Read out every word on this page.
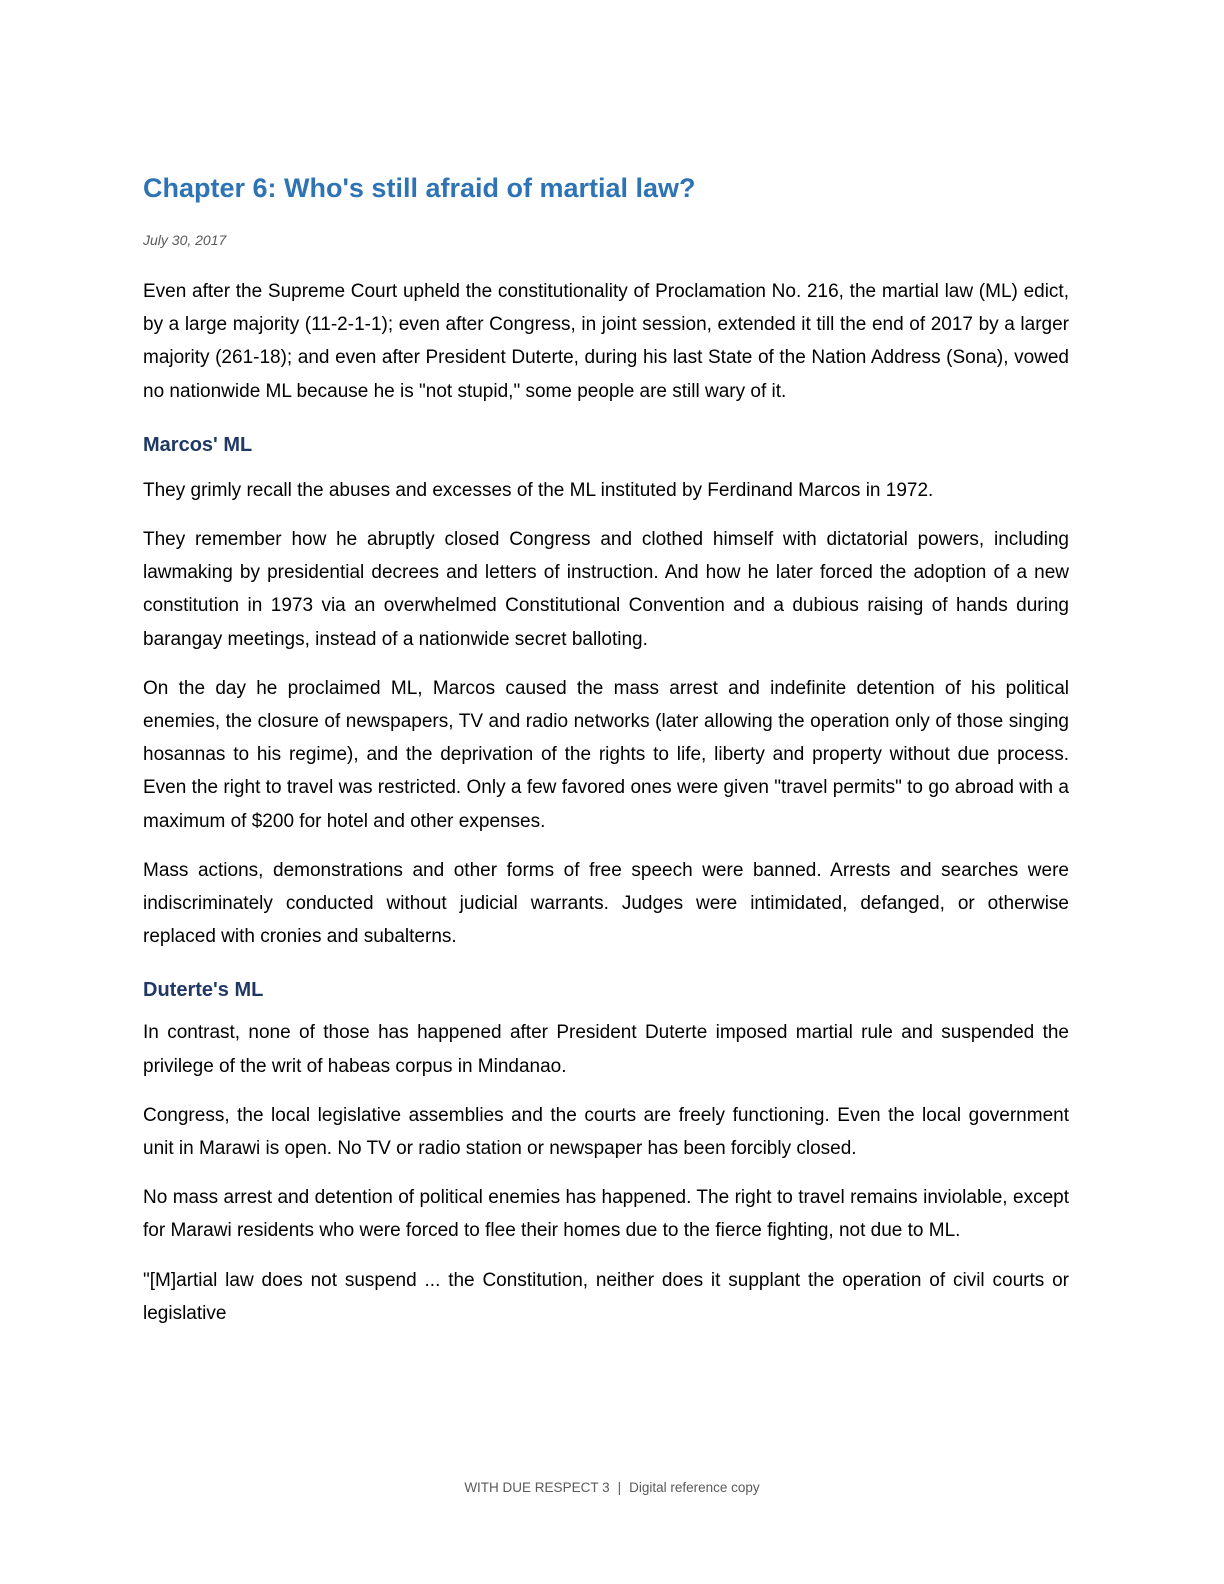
Chapter 6: Who's still afraid of martial law?
July 30, 2017

Even after the Supreme Court upheld the constitutionality of Proclamation No. 216, the martial law (ML) edict, by a large majority (11-2-1-1); even after Congress, in joint session, extended it till the end of 2017 by a larger majority (261-18); and even after President Duterte, during his last State of the Nation Address (Sona), vowed no nationwide ML because he is "not stupid," some people are still wary of it.

Marcos' ML

They grimly recall the abuses and excesses of the ML instituted by Ferdinand Marcos in 1972.

They remember how he abruptly closed Congress and clothed himself with dictatorial powers, including lawmaking by presidential decrees and letters of instruction. And how he later forced the adoption of a new constitution in 1973 via an overwhelmed Constitutional Convention and a dubious raising of hands during barangay meetings, instead of a nationwide secret balloting.

On the day he proclaimed ML, Marcos caused the mass arrest and indefinite detention of his political enemies, the closure of newspapers, TV and radio networks (later allowing the operation only of those singing hosannas to his regime), and the deprivation of the rights to life, liberty and property without due process. Even the right to travel was restricted. Only a few favored ones were given "travel permits" to go abroad with a maximum of $200 for hotel and other expenses.

Mass actions, demonstrations and other forms of free speech were banned. Arrests and searches were indiscriminately conducted without judicial warrants. Judges were intimidated, defanged, or otherwise replaced with cronies and subalterns.

Duterte's ML

In contrast, none of those has happened after President Duterte imposed martial rule and suspended the privilege of the writ of habeas corpus in Mindanao.

Congress, the local legislative assemblies and the courts are freely functioning. Even the local government unit in Marawi is open. No TV or radio station or newspaper has been forcibly closed.

No mass arrest and detention of political enemies has happened. The right to travel remains inviolable, except for Marawi residents who were forced to flee their homes due to the fierce fighting, not due to ML.

"[M]artial law does not suspend ... the Constitution, neither does it supplant the operation of civil courts or legislative

WITH DUE RESPECT 3 | Digital reference copy
